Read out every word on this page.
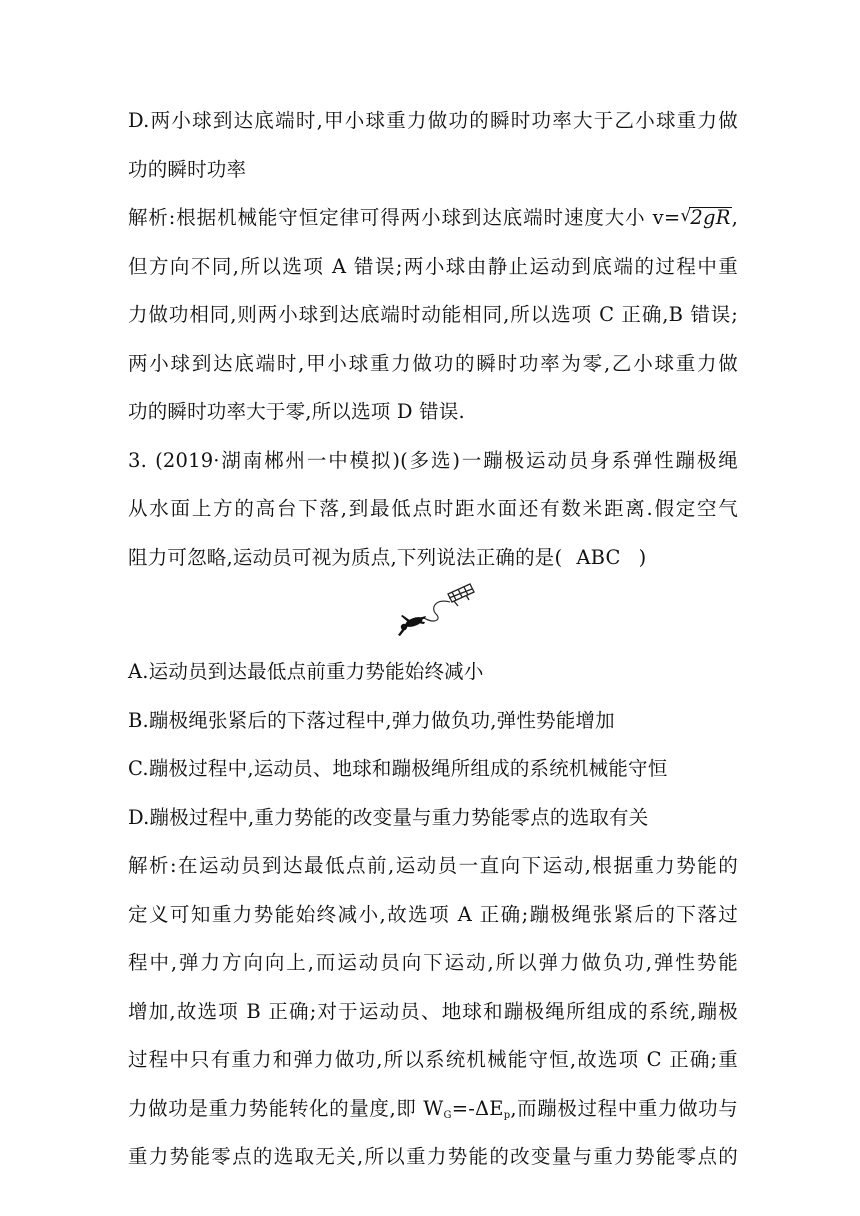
D.两小球到达底端时,甲小球重力做功的瞬时功率大于乙小球重力做
功的瞬时功率
解析:根据机械能守恒定律可得两小球到达底端时速度大小 v= √
2gR,
但方向不同,所以选项 A 错误;两小球由静止运动到底端的过程中重
力做功相同,则两小球到达底端时动能相同,所以选项 C 正确,B 错误;
两小球到达底端时,甲小球重力做功的瞬时功率为零,乙小球重力做
功的瞬时功率大于零,所以选项 D 错误.
3. (2019·湖南郴州一中模拟)(多选)一蹦极运动员身系弹性蹦极绳
从水面上方的高台下落,到最低点时距水面还有数米距离.假定空气
阻力可忽略,运动员可视为质点,下列说法正确的是( ABC )
A.运动员到达最低点前重力势能始终减小
B.蹦极绳张紧后的下落过程中,弹力做负功,弹性势能增加
C.蹦极过程中,运动员、地球和蹦极绳所组成的系统机械能守恒
D.蹦极过程中,重力势能的改变量与重力势能零点的选取有关
解析:在运动员到达最低点前,运动员一直向下运动,根据重力势能的
定义可知重力势能始终减小,故选项 A 正确;蹦极绳张紧后的下落过
程中,弹力方向向上,而运动员向下运动,所以弹力做负功,弹性势能
增加,故选项 B 正确;对于运动员、地球和蹦极绳所组成的系统,蹦极
过程中只有重力和弹力做功,所以系统机械能守恒,故选项 C 正确;重
力做功是重力势能转化的量度,即 $W_G=-\Delta E_p$,而蹦极过程中重力做功与
重力势能零点的选取无关,所以重力势能的改变量与重力势能零点的
